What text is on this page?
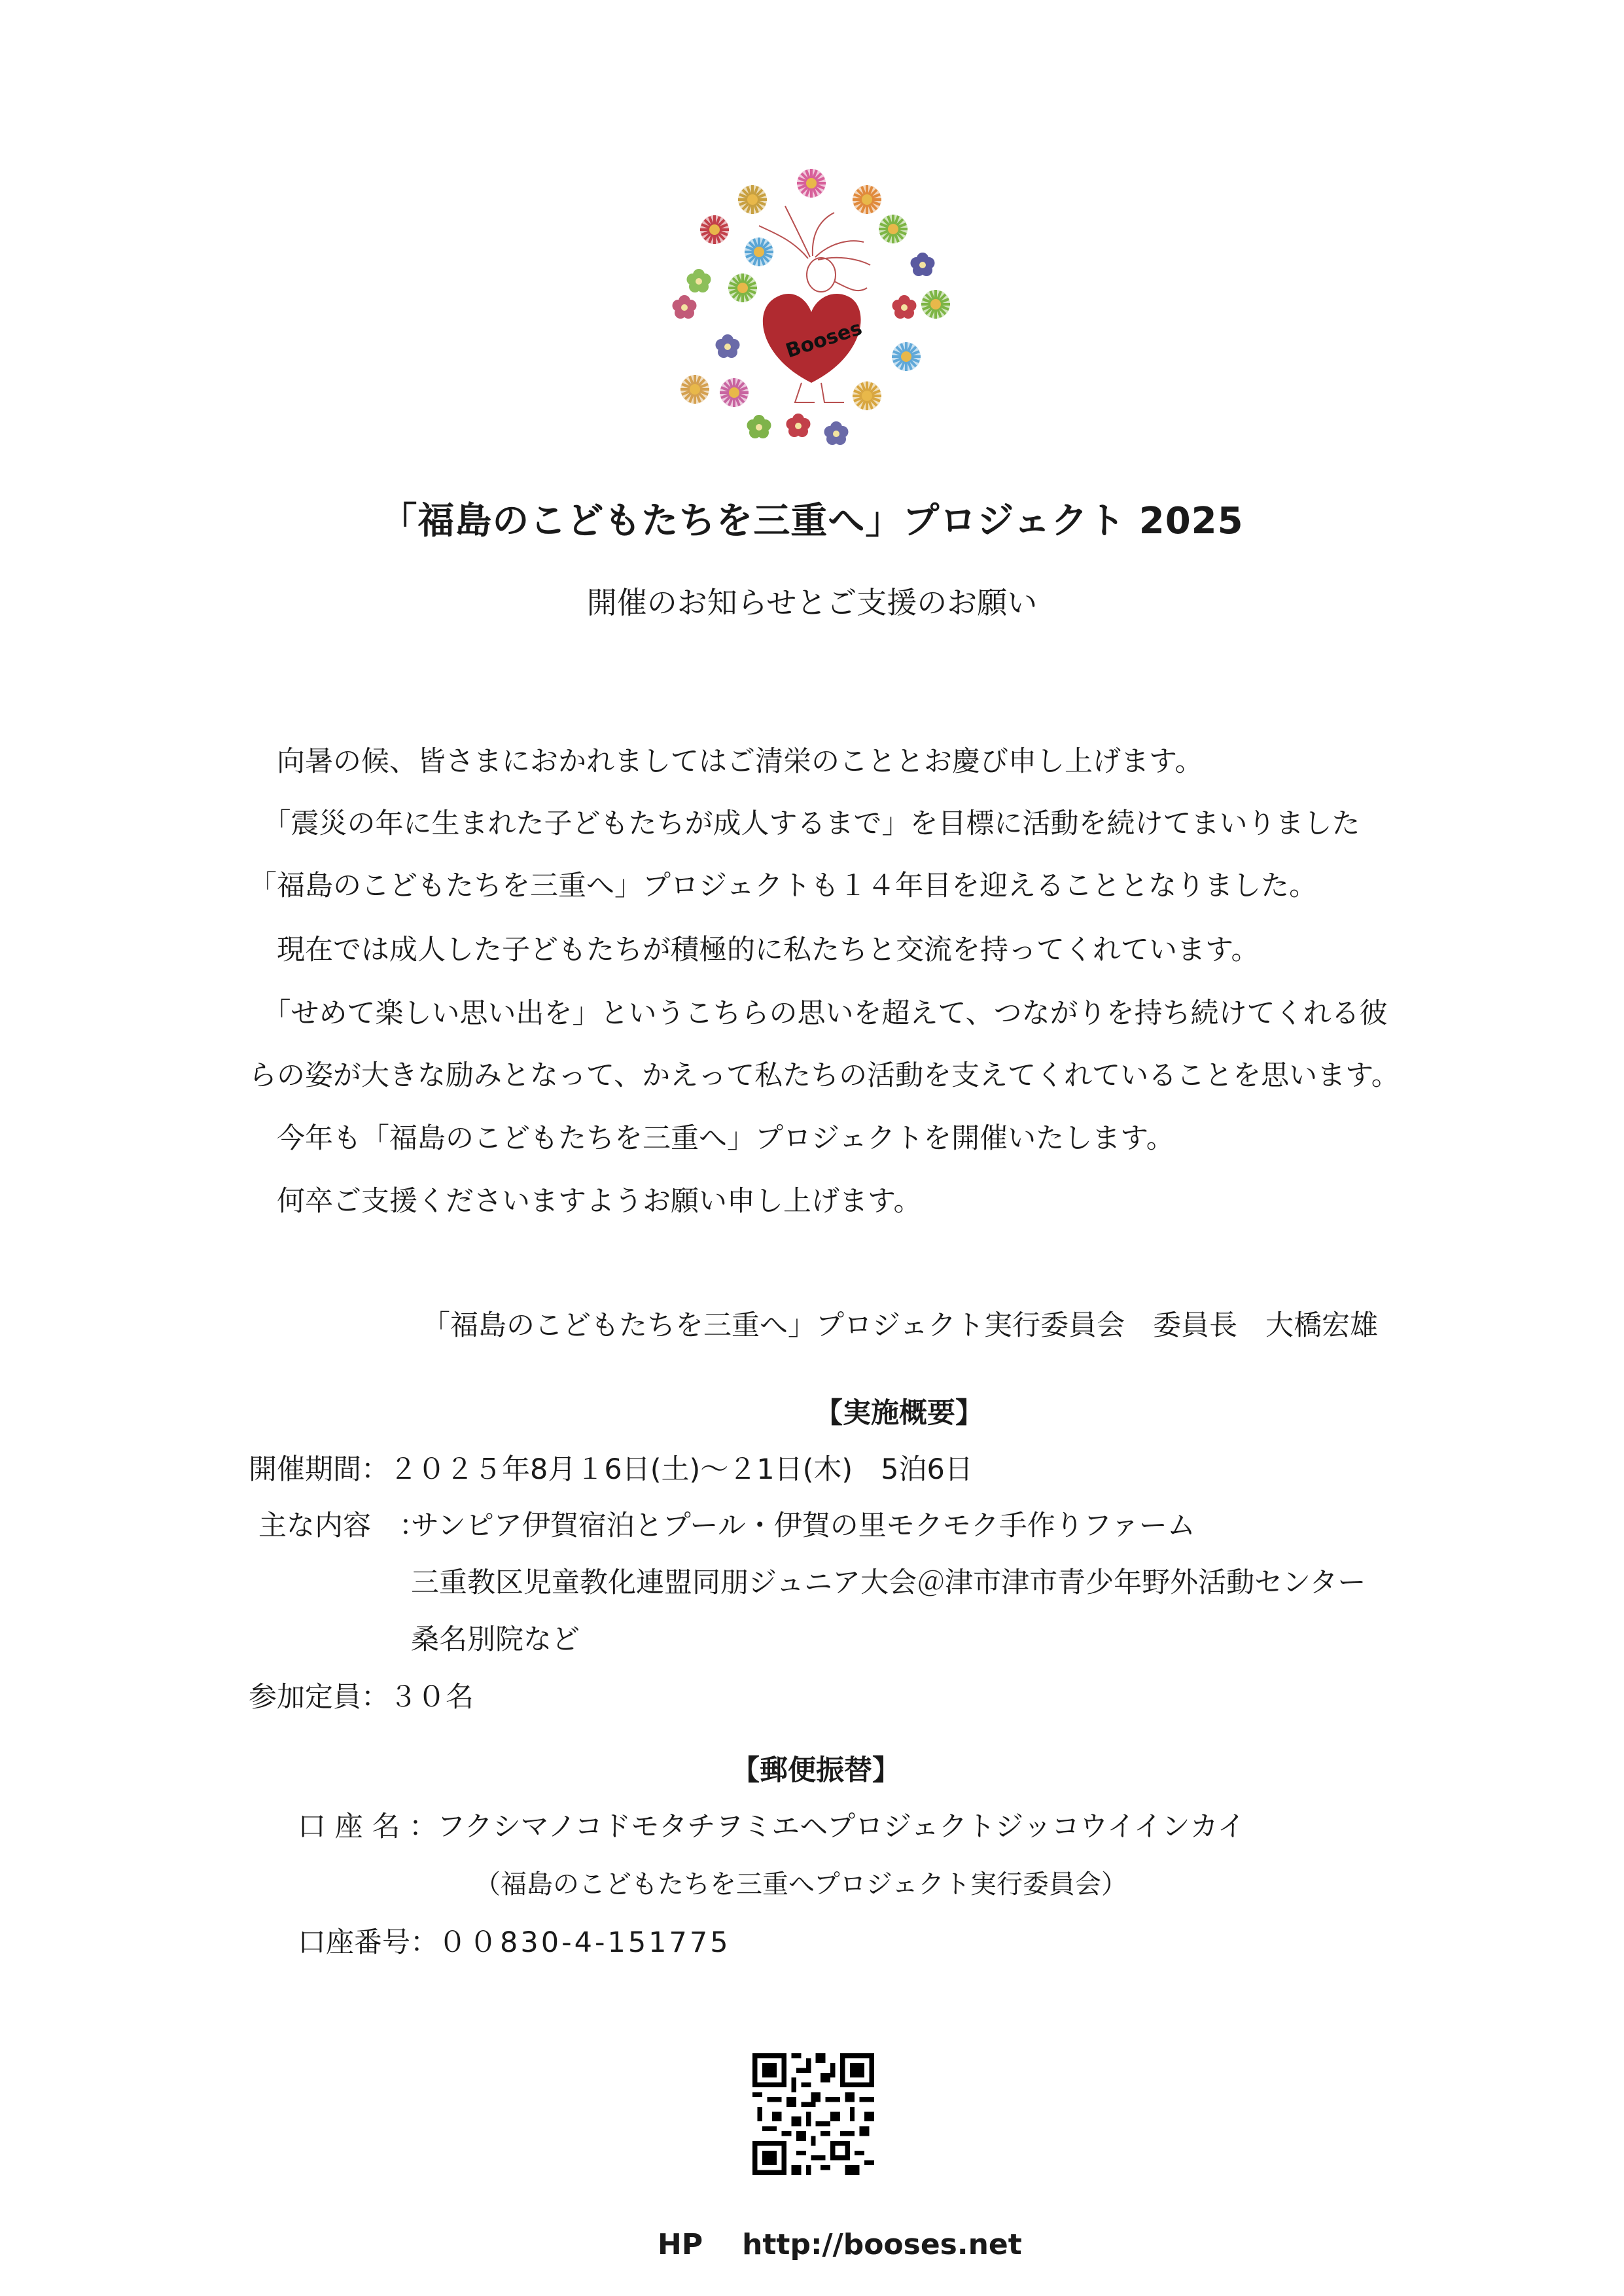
Booses
「福島のこどもたちを三重へ」プロジェクト 2025
開催のお知らせとご支援のお願い
　向暑の候、皆さまにおかれましてはご清栄のこととお慶び申し上げます。
　「震災の年に生まれた子どもたちが成人するまで」を目標に活動を続けてまいりました
「福島のこどもたちを三重へ」プロジェクトも１４年目を迎えることとなりました。
　現在では成人した子どもたちが積極的に私たちと交流を持ってくれています。
　「せめて楽しい思い出を」というこちらの思いを超えて、つながりを持ち続けてくれる彼
らの姿が大きな励みとなって、かえって私たちの活動を支えてくれていることを思います。
　今年も「福島のこどもたちを三重へ」プロジェクトを開催いたします。
　何卒ご支援くださいますようお願い申し上げます。
「福島のこどもたちを三重へ」プロジェクト実行委員会　委員長　大橋宏雄
【実施概要】
開催期間：２０２５年8月１6日(土)〜２1日(木)　5泊6日
主な内容　：
サンピア伊賀宿泊とプール・伊賀の里モクモク手作りファーム
三重教区児童教化連盟同朋ジュニア大会＠津市津市青少年野外活動センター
桑名別院など
参加定員：３０名
【郵便振替】
口 座 名 ：フクシマノコドモタチヲミエヘプロジェクトジッコウイインカイ
（福島のこどもたちを三重へプロジェクト実行委員会）
口座番号：００830-4-151775
HP http://booses.net
